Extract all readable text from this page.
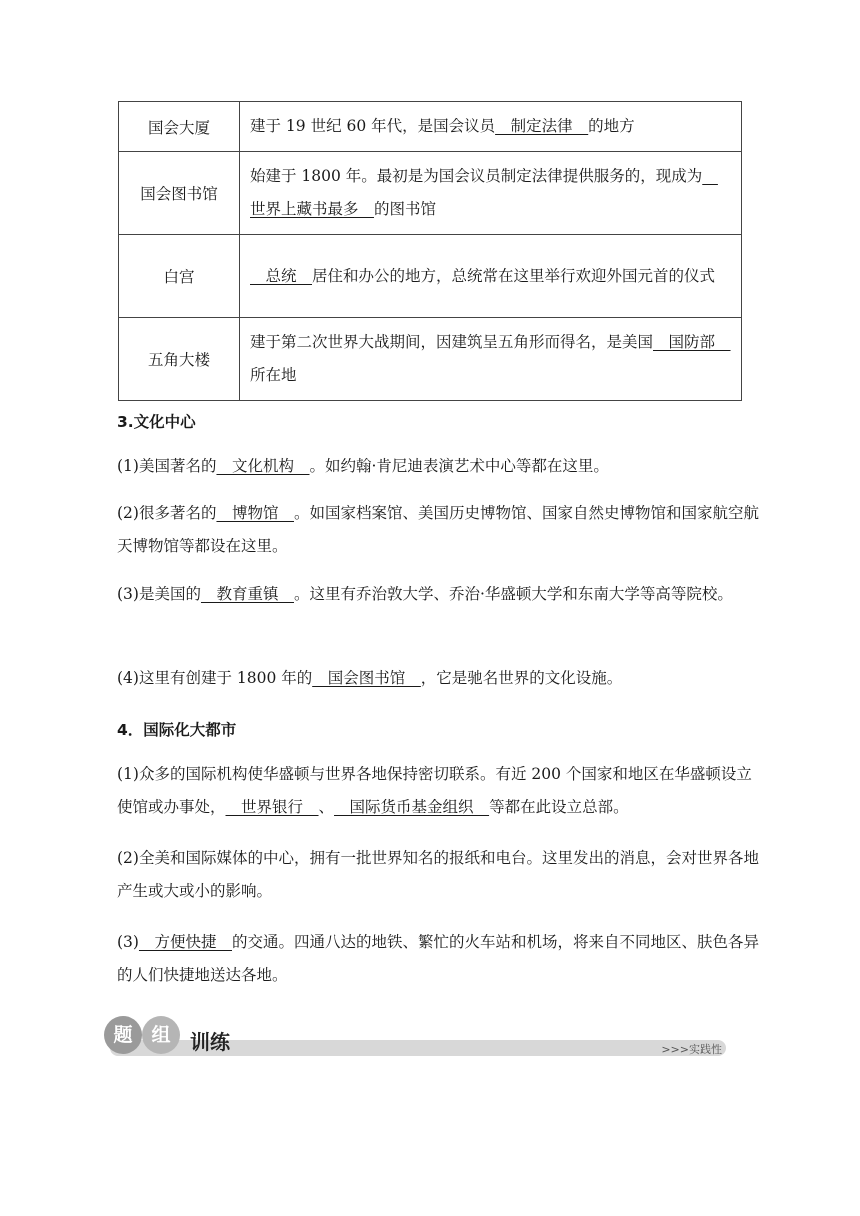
国会大厦	建于 19 世纪 60 年代，是国会议员__制定法律__的地方
国会图书馆	始建于 1800 年。最初是为国会议员制定法律提供服务的，现成为__世界上藏书最多__的图书馆
白宫	__总统__居住和办公的地方，总统常在这里举行欢迎外国元首的仪式
五角大楼	建于第二次世界大战期间，因建筑呈五角形而得名，是美国__国防部__所在地
3.文化中心
(1)美国著名的__文化机构__。如约翰·肯尼迪表演艺术中心等都在这里。
(2)很多著名的__博物馆__。如国家档案馆、美国历史博物馆、国家自然史博物馆和国家航空航天博物馆等都设在这里。
(3)是美国的__教育重镇__。这里有乔治敦大学、乔治·华盛顿大学和东南大学等高等院校。
(4)这里有创建于 1800 年的__国会图书馆__，它是驰名世界的文化设施。
4．国际化大都市
(1)众多的国际机构使华盛顿与世界各地保持密切联系。有近 200 个国家和地区在华盛顿设立使馆或办事处，__世界银行__、__国际货币基金组织__等都在此设立总部。
(2)全美和国际媒体的中心，拥有一批世界知名的报纸和电台。这里发出的消息，会对世界各地产生或大或小的影响。
(3)__方便快捷__的交通。四通八达的地铁、繁忙的火车站和机场，将来自不同地区、肤色各异的人们快捷地送达各地。
题 组 训练	>>>实践性
